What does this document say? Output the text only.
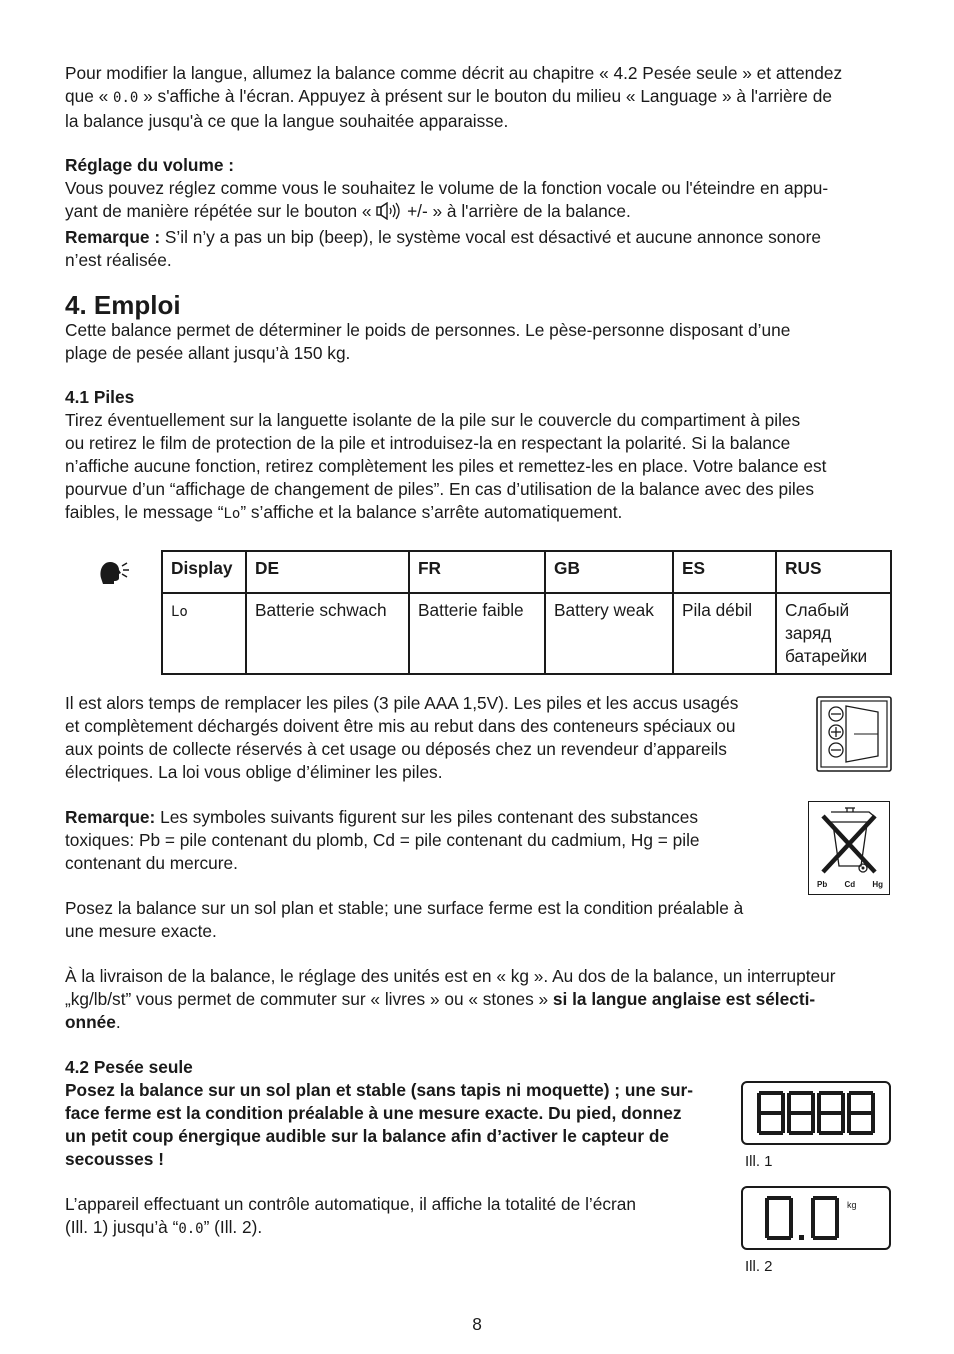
Pour modifier la langue, allumez la balance comme décrit au chapitre « 4.2 Pesée seule » et attendez

que « 0.0 » s'affiche à l'écran. Appuyez à présent sur le bouton du milieu « Language » à l'arrière de

la balance jusqu'à ce que la langue souhaitée apparaisse.

Réglage du volume :

Vous pouvez réglez comme vous le souhaitez le volume de la fonction vocale ou l'éteindre en appu-

yant de manière répétée sur le bouton «  +/- » à l'arrière de la balance.

Remarque : S’il n’y a pas un bip (beep), le système vocal est désactivé et aucune annonce sonore

n’est réalisée.

4. Emploi

Cette balance permet de déterminer le poids de personnes. Le pèse-personne disposant d’une

plage de pesée allant jusqu’à 150 kg.

4.1 Piles

Tirez éventuellement sur la languette isolante de la pile sur le couvercle du compartiment à piles

ou retirez le film de protection de la pile et introduisez-la en respectant la polarité. Si la balance

n’affiche aucune fonction, retirez complètement les piles et remettez-les en place. Votre balance est

pourvue d’un “affichage de changement de piles”. En cas d’utilisation de la balance avec des piles

faibles, le message “Lo” s’affiche et la balance s’arrête automatiquement.

Display	DE	FR	GB	ES	RUS
Lo	Batterie schwach	Batterie faible	Battery weak	Pila débil	Слабый заряд батарейки

Il est alors temps de remplacer les piles (3 pile AAA 1,5V). Les piles et les accus usagés

et complètement déchargés doivent être mis au rebut dans des conteneurs spéciaux ou

aux points de collecte réservés à cet usage ou déposés chez un revendeur d’appareils

électriques. La loi vous oblige d’éliminer les piles.

Remarque: Les symboles suivants figurent sur les piles contenant des substances

toxiques: Pb = pile contenant du plomb, Cd = pile contenant du cadmium, Hg = pile

contenant du mercure.

Pb Cd Hg

Posez la balance sur un sol plan et stable; une surface ferme est la condition préalable à

une mesure exacte.

À la livraison de la balance, le réglage des unités est en « kg ». Au dos de la balance, un interrupteur

„kg/lb/st” vous permet de commuter sur « livres » ou « stones » si la langue anglaise est sélecti-

onnée.

4.2 Pesée seule

Posez la balance sur un sol plan et stable (sans tapis ni moquette) ; une sur-

face ferme est la condition préalable à une mesure exacte. Du pied, donnez

un petit coup énergique audible sur la balance afin d’activer le capteur de

secousses !

L’appareil effectuant un contrôle automatique, il affiche la totalité de l’écran

(Ill. 1) jusqu’à “0.0” (Ill. 2).

Ill. 1
kg
Ill. 2
8
